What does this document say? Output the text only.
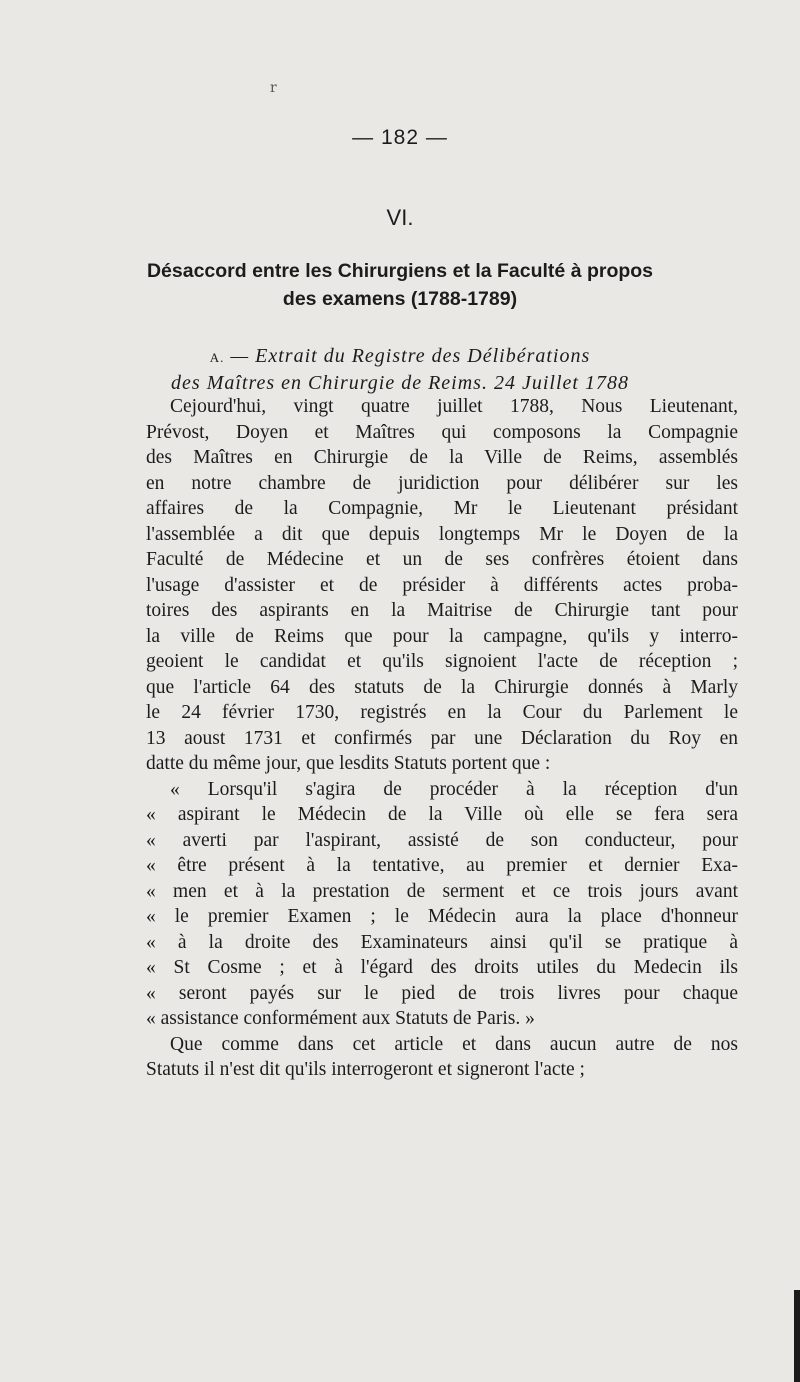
r
— 182 —
VI.
Désaccord entre les Chirurgiens et la Faculté à propos
des examens (1788-1789)
A. — Extrait du Registre des Délibérations
des Maîtres en Chirurgie de Reims. 24 Juillet 1788
Cejourd'hui, vingt quatre juillet 1788, Nous Lieutenant,
Prévost, Doyen et Maîtres qui composons la Compagnie
des Maîtres en Chirurgie de la Ville de Reims, assemblés
en notre chambre de juridiction pour délibérer sur les
affaires de la Compagnie, Mr le Lieutenant présidant
l'assemblée a dit que depuis longtemps Mr le Doyen de la
Faculté de Médecine et un de ses confrères étoient dans
l'usage d'assister et de présider à différents actes proba-
toires des aspirants en la Maitrise de Chirurgie tant pour
la ville de Reims que pour la campagne, qu'ils y interro-
geoient le candidat et qu'ils signoient l'acte de réception ;
que l'article 64 des statuts de la Chirurgie donnés à Marly
le 24 février 1730, registrés en la Cour du Parlement le
13 aoust 1731 et confirmés par une Déclaration du Roy en
datte du même jour, que lesdits Statuts portent que :
« Lorsqu'il s'agira de procéder à la réception d'un
« aspirant le Médecin de la Ville où elle se fera sera
« averti par l'aspirant, assisté de son conducteur, pour
« être présent à la tentative, au premier et dernier Exa-
« men et à la prestation de serment et ce trois jours avant
« le premier Examen ; le Médecin aura la place d'honneur
« à la droite des Examinateurs ainsi qu'il se pratique à
« St Cosme ; et à l'égard des droits utiles du Medecin ils
« seront payés sur le pied de trois livres pour chaque
« assistance conformément aux Statuts de Paris. »
Que comme dans cet article et dans aucun autre de nos
Statuts il n'est dit qu'ils interrogeront et signeront l'acte ;
